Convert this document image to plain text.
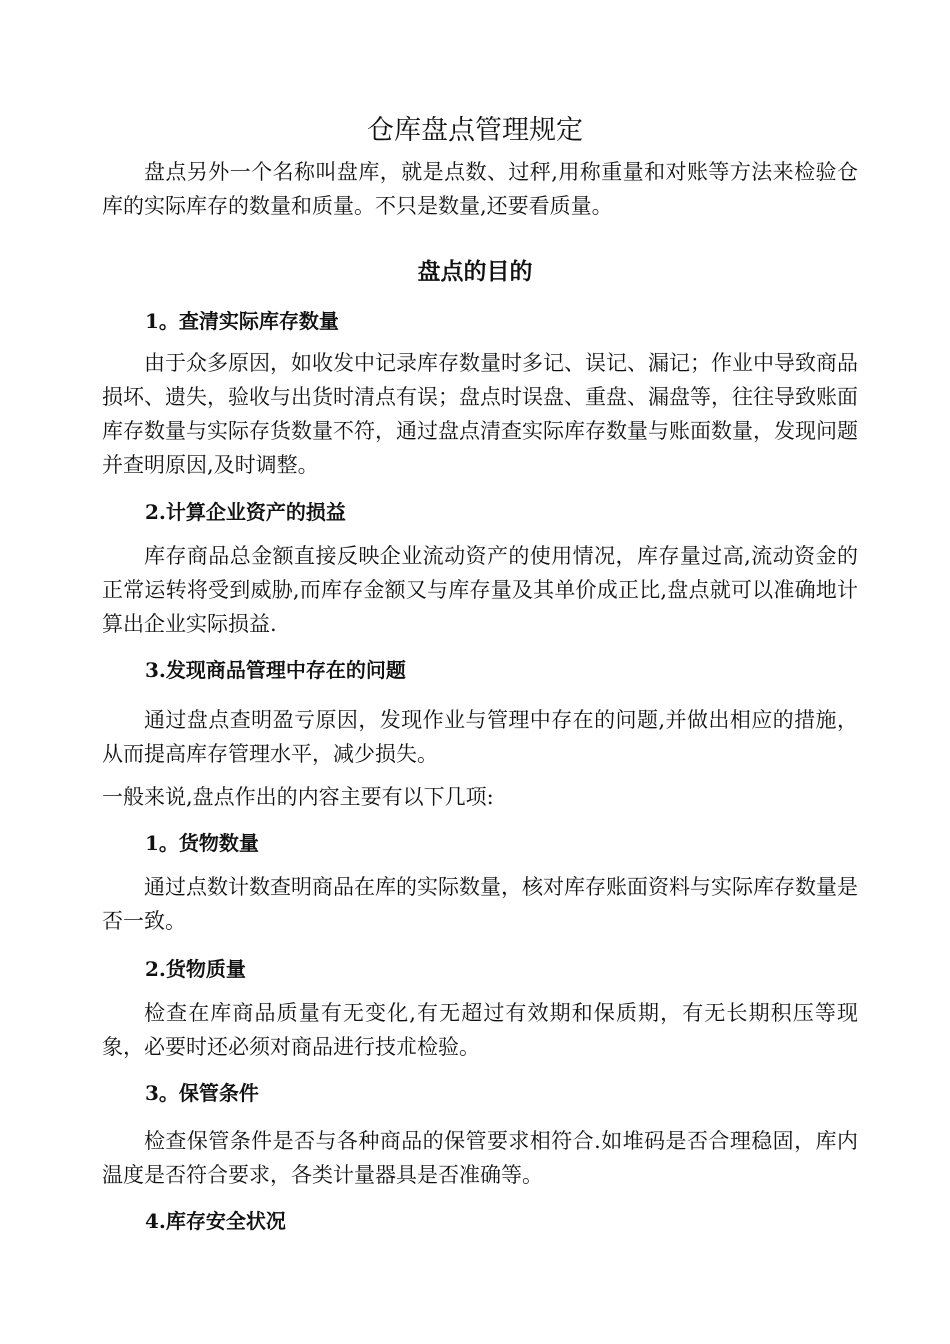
仓库盘点管理规定

盘点另外一个名称叫盘库，就是点数、过秤,用称重量和对账等方法来检验仓库的实际库存的数量和质量。不只是数量,还要看质量。

盘点的目的
1。查清实际库存数量

由于众多原因，如收发中记录库存数量时多记、误记、漏记；作业中导致商品损坏、遗失，验收与出货时清点有误；盘点时误盘、重盘、漏盘等，往往导致账面库存数量与实际存货数量不符，通过盘点清查实际库存数量与账面数量，发现问题并查明原因,及时调整。

2.计算企业资产的损益

库存商品总金额直接反映企业流动资产的使用情况，库存量过高,流动资金的正常运转将受到威胁,而库存金额又与库存量及其单价成正比,盘点就可以准确地计算出企业实际损益.

3.发现商品管理中存在的问题

通过盘点查明盈亏原因，发现作业与管理中存在的问题,并做出相应的措施，从而提高库存管理水平，减少损失。

一般来说,盘点作出的内容主要有以下几项:

1。货物数量

通过点数计数查明商品在库的实际数量，核对库存账面资料与实际库存数量是否一致。

2.货物质量

检查在库商品质量有无变化,有无超过有效期和保质期，有无长期积压等现象，必要时还必须对商品进行技朮检验。

3。保管条件

检查保管条件是否与各种商品的保管要求相符合.如堆码是否合理稳固，库内温度是否符合要求，各类计量器具是否准确等。

4.库存安全状况
